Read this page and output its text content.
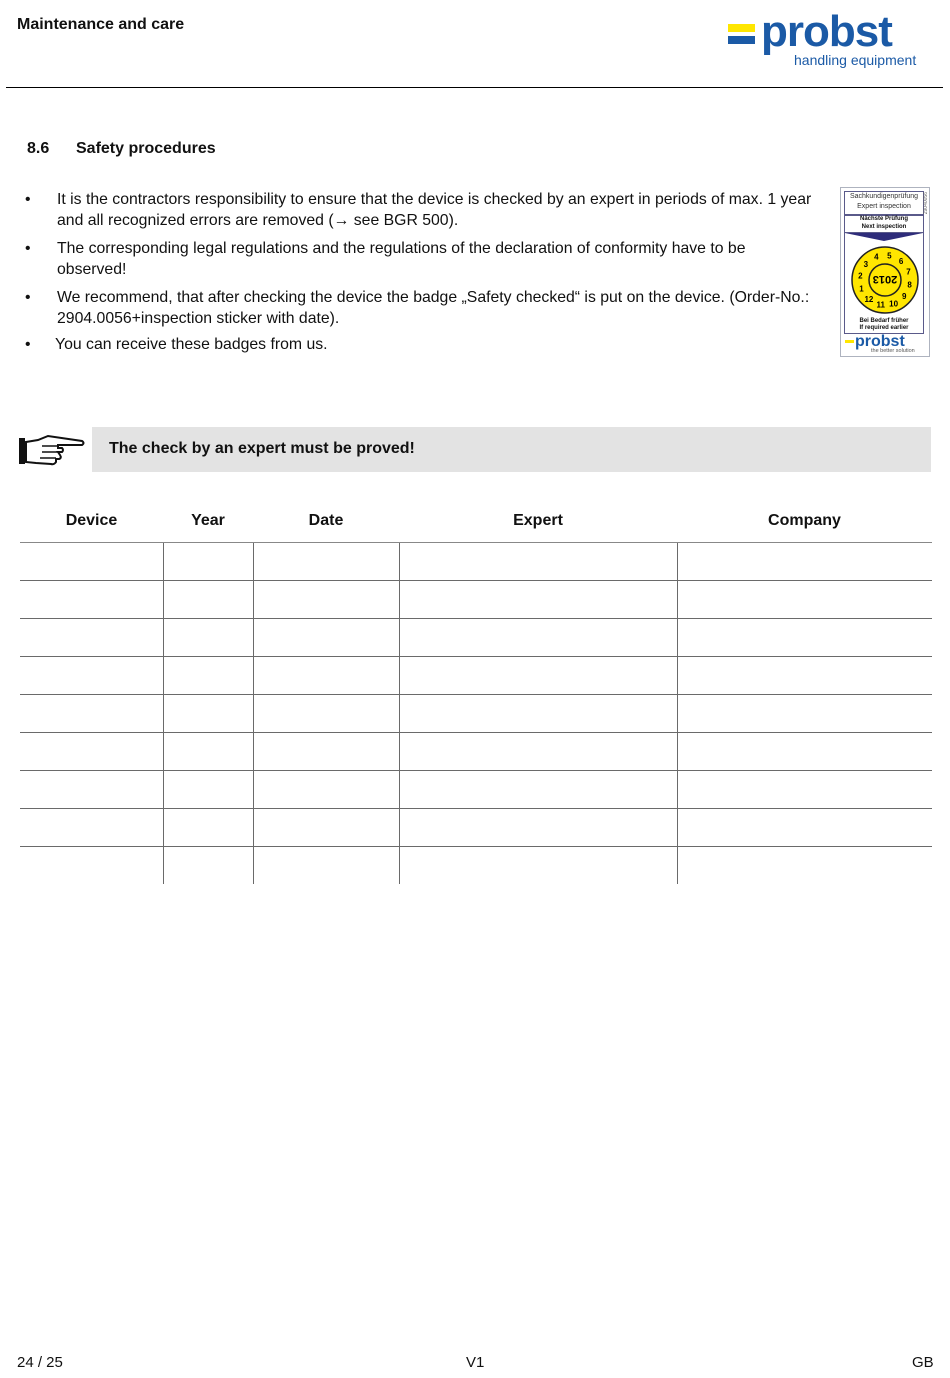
Maintenance and care	probst
handling equipment
8.6 Safety procedures
• It is the contractors responsibility to ensure that the device is checked by an expert in periods of max. 1 year and all recognized errors are removed (→ see BGR 500).
• The corresponding legal regulations and the regulations of the declaration of conformity have to be observed!
• We recommend, that after checking the device the badge „Safety checked“ is put on the device. (Order-No.: 2904.0056+inspection sticker with date).
• You can receive these badges from us.
Sachkundigenprüfung
Expert inspection
Nächste Prüfung
Next inspection
2013
1
2
3
4 5
6
7
8
9
10
11
12
Bei Bedarf früher
If required earlier
probst
the better solution
29040056
The check by an expert must be proved!
Device	Year	Date	Expert	Company

24 / 25	V1	GB
